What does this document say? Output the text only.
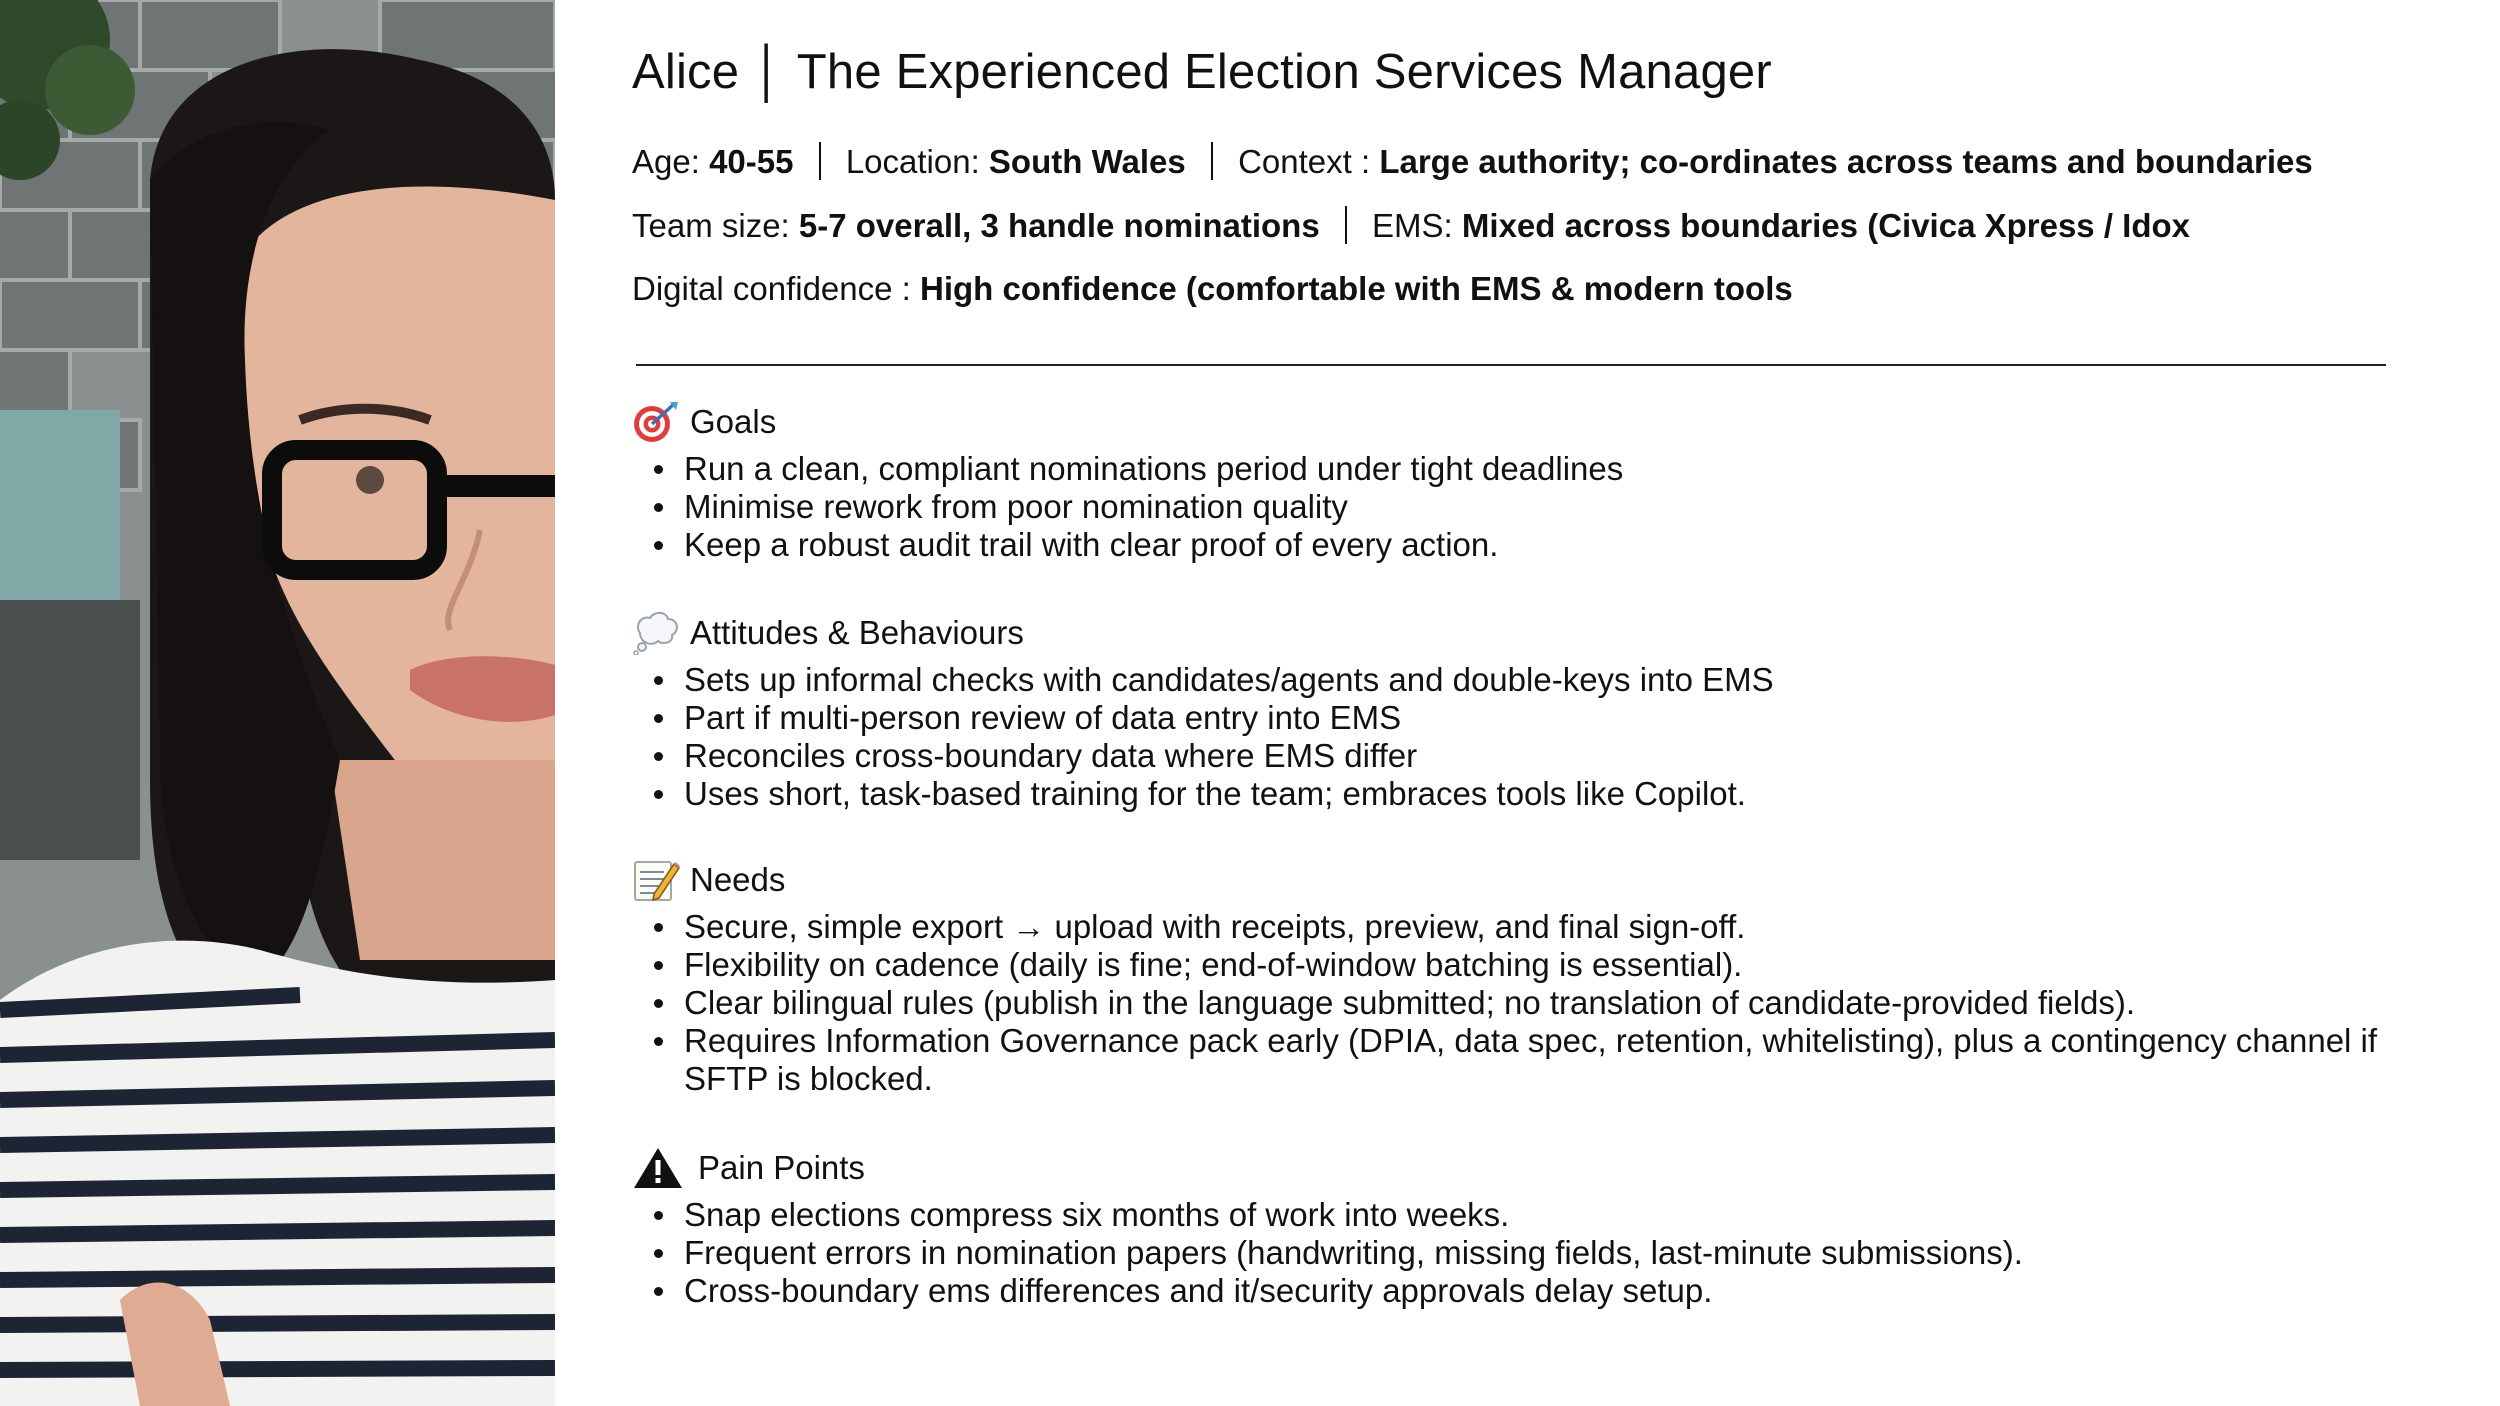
Alice │ The Experienced Election Services Manager
Age: 40-55 Location: South Wales Context : Large authority; co-ordinates across teams and boundaries
Team size: 5-7 overall, 3 handle nominations EMS: Mixed across boundaries (Civica Xpress / Idox
Digital confidence : High confidence (comfortable with EMS & modern tools
Goals
Run a clean, compliant nominations period under tight deadlines
Minimise rework from poor nomination quality
Keep a robust audit trail with clear proof of every action.
Attitudes & Behaviours
Sets up informal checks with candidates/agents and double-keys into EMS
Part if multi-person review of data entry into EMS
Reconciles cross-boundary data where EMS differ
Uses short, task-based training for the team; embraces tools like Copilot.
Needs
Secure, simple export → upload with receipts, preview, and final sign-off.
Flexibility on cadence (daily is fine; end-of-window batching is essential).
Clear bilingual rules (publish in the language submitted; no translation of candidate-provided fields).
Requires Information Governance pack early (DPIA, data spec, retention, whitelisting), plus a contingency channel if SFTP is blocked.
Pain Points
Snap elections compress six months of work into weeks.
Frequent errors in nomination papers (handwriting, missing fields, last-minute submissions).
Cross-boundary ems differences and it/security approvals delay setup.
